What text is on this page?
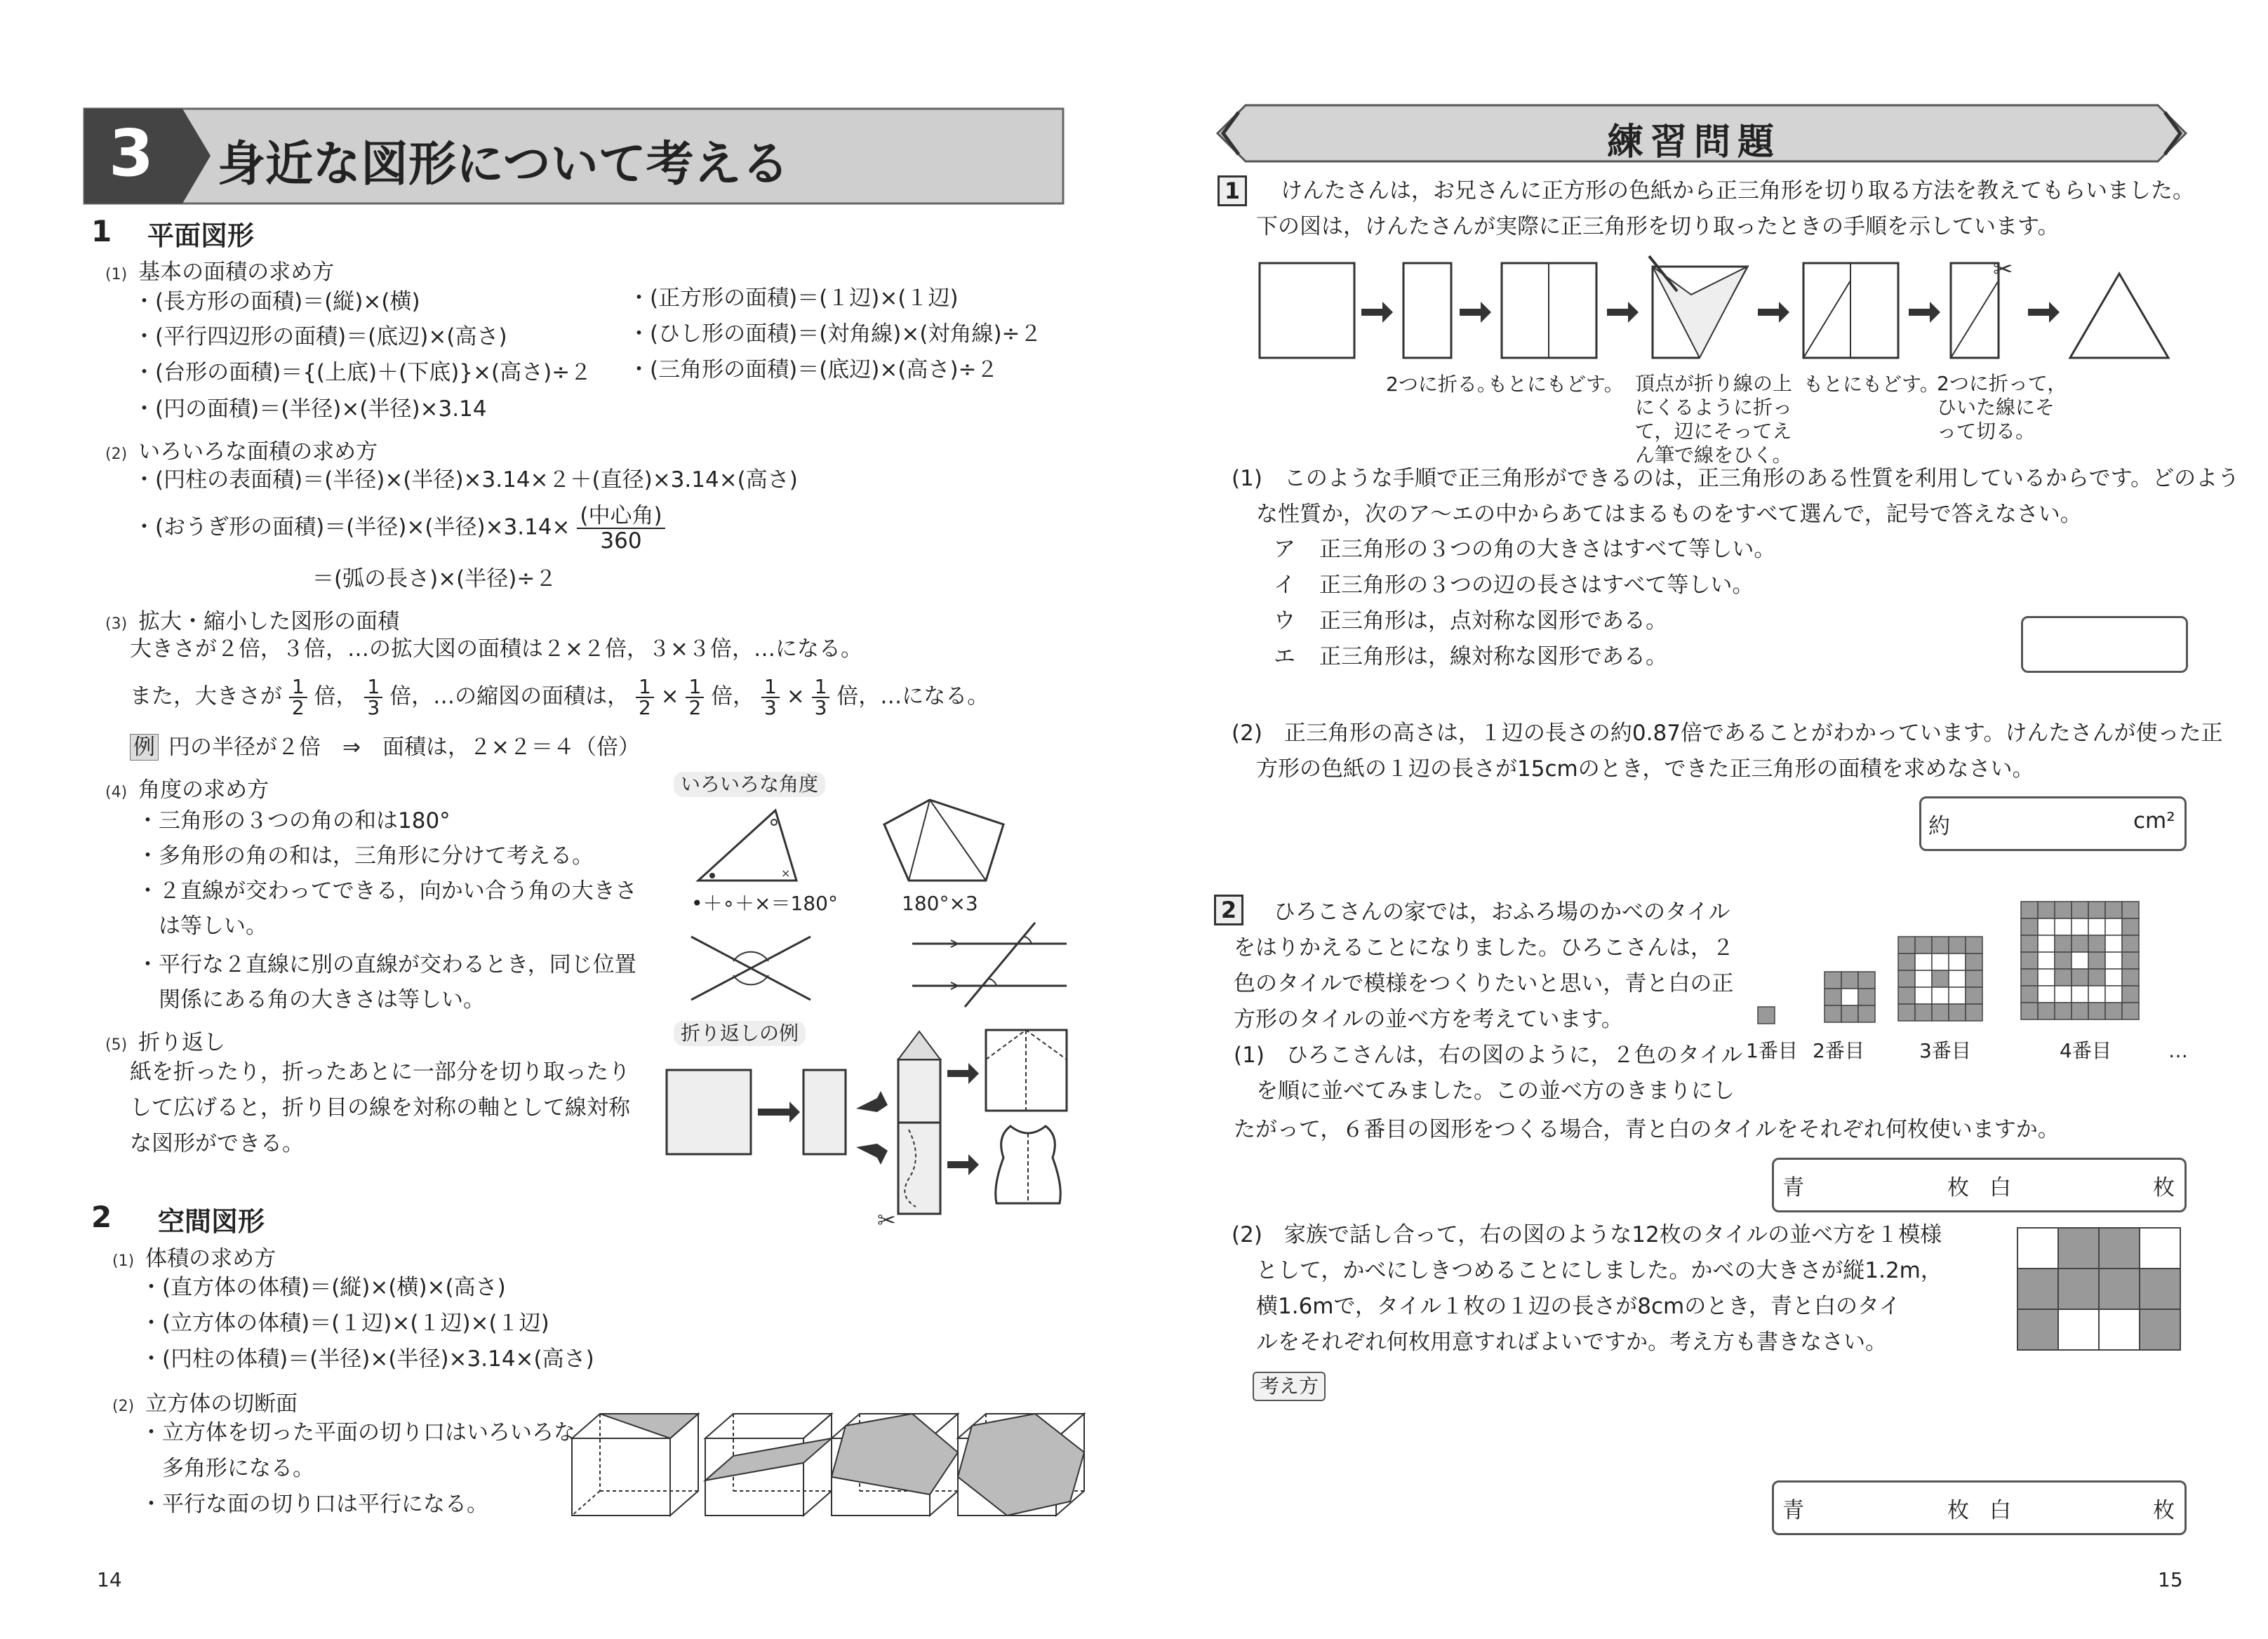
3 身近な図形について考える
1 平面図形
(1) 基本の面積の求め方
・(長方形の面積)＝(縦)×(横)
・(平行四辺形の面積)＝(底辺)×(高さ)
・(台形の面積)＝{(上底)＋(下底)}×(高さ)÷２
・(円の面積)＝(半径)×(半径)×3.14
・(正方形の面積)＝(１辺)×(１辺)
・(ひし形の面積)＝(対角線)×(対角線)÷２
・(三角形の面積)＝(底辺)×(高さ)÷２
(2) いろいろな面積の求め方
・(円柱の表面積)＝(半径)×(半径)×3.14×２＋(直径)×3.14×(高さ)
・(おうぎ形の面積)＝(半径)×(半径)$\times 3.14\times \frac{\text{(中心角)}}{360}$
＝(弧の長さ)×(半径)÷２
(3) 拡大・縮小した図形の面積
大きさが２倍，３倍，…の拡大図の面積は２×２倍，３×３倍，…になる。
また，大きさが $\frac{1}{2}$ 倍， $\frac{1}{3}$ 倍，…の縮図の面積は， $\frac{1}{2} \times \frac{1}{2}$ 倍， $\frac{1}{3} \times \frac{1}{3}$ 倍，…になる。
例 円の半径が２倍　⇒　面積は，２×２＝４（倍）
(4) 角度の求め方
・三角形の３つの角の和は180°
・多角形の角の和は，三角形に分けて考える。
・２直線が交わってできる，向かい合う角の大きさ
　は等しい。
・平行な２直線に別の直線が交わるとき，同じ位置
　関係にある角の大きさは等しい。
いろいろな角度
×
•＋∘＋×＝180°	180°×3
(5) 折り返し
紙を折ったり，折ったあとに一部分を切り取ったり
して広げると，折り目の線を対称の軸として線対称
な図形ができる。
折り返しの例
✂
2 空間図形
(1) 体積の求め方
・(直方体の体積)＝(縦)×(横)×(高さ)
・(立方体の体積)＝(１辺)×(１辺)×(１辺)
・(円柱の体積)＝(半径)×(半径)×3.14×(高さ)
(2) 立方体の切断面
・立方体を切った平面の切り口はいろいろな
　多角形になる。
・平行な面の切り口は平行になる。
14
練習問題
1	けんたさんは，お兄さんに正方形の色紙から正三角形を切り取る方法を教えてもらいました。
下の図は，けんたさんが実際に正三角形を切り取ったときの手順を示しています。
✂
2つに折る。
もとにもどす。 頂点が折り線の上
にくるように折っ
て，辺にそってえ
ん筆で線をひく。
もとにもどす。
2つに折って，
ひいた線にそ
って切る。
(1)　このような手順で正三角形ができるのは，正三角形のある性質を利用しているからです。どのよう
な性質か，次のア～エの中からあてはまるものをすべて選んで，記号で答えなさい。
ア 正三角形の３つの角の大きさはすべて等しい。
イ 正三角形の３つの辺の長さはすべて等しい。
ウ 正三角形は，点対称な図形である。
エ 正三角形は，線対称な図形である。
(2)　正三角形の高さは，１辺の長さの約0.87倍であることがわかっています。けんたさんが使った正
方形の色紙の１辺の長さが15cmのとき，できた正三角形の面積を求めなさい。
約	cm²
2	ひろこさんの家では，おふろ場のかべのタイル
をはりかえることになりました。ひろこさんは，２
色のタイルで模様をつくりたいと思い，青と白の正
方形のタイルの並べ方を考えています。
(1)　ひろこさんは，右の図のように，２色のタイル
を順に並べてみました。この並べ方のきまりにし
たがって，６番目の図形をつくる場合，青と白のタイルをそれぞれ何枚使いますか。
1番目 2番目	3番目	4番目	…
青	枚 白	枚
(2)　家族で話し合って，右の図のような12枚のタイルの並べ方を１模様
として，かべにしきつめることにしました。かべの大きさが縦1.2m，
横1.6mで，タイル１枚の１辺の長さが8cmのとき，青と白のタイ
ルをそれぞれ何枚用意すればよいですか。考え方も書きなさい。
考え方
青	枚 白	枚
15
